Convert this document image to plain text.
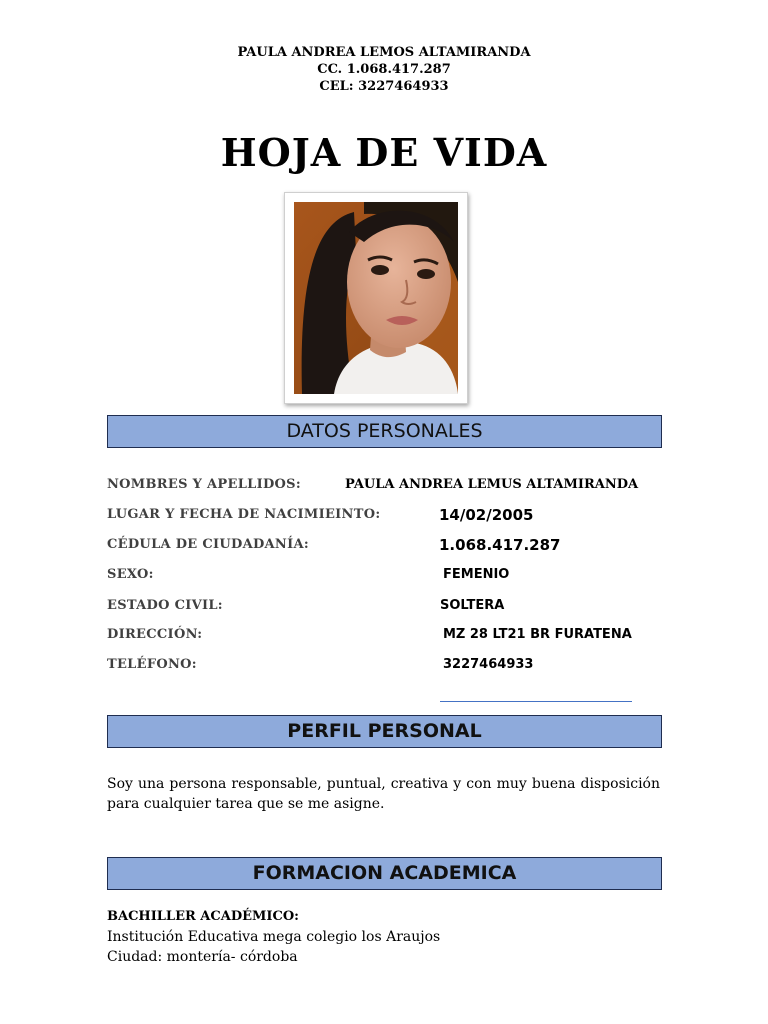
PAULA ANDREA LEMOS ALTAMIRANDA
CC. 1.068.417.287
CEL: 3227464933
HOJA DE VIDA
DATOS PERSONALES
NOMBRES Y APELLIDOS:	PAULA ANDREA LEMUS ALTAMIRANDA
LUGAR Y FECHA DE NACIMIEINTO:	14/02/2005
CÉDULA DE CIUDADANÍA:	1.068.417.287
SEXO:	FEMENIO
ESTADO CIVIL:	SOLTERA
DIRECCIÓN:	MZ 28 LT21 BR FURATENA
TELÉFONO:	3227464933
PERFIL PERSONAL
Soy una persona responsable, puntual, creativa y con muy buena disposición para cualquier tarea que se me asigne.
FORMACION ACADEMICA
BACHILLER ACADÉMICO:
Institución Educativa mega colegio los Araujos
Ciudad: montería- córdoba
